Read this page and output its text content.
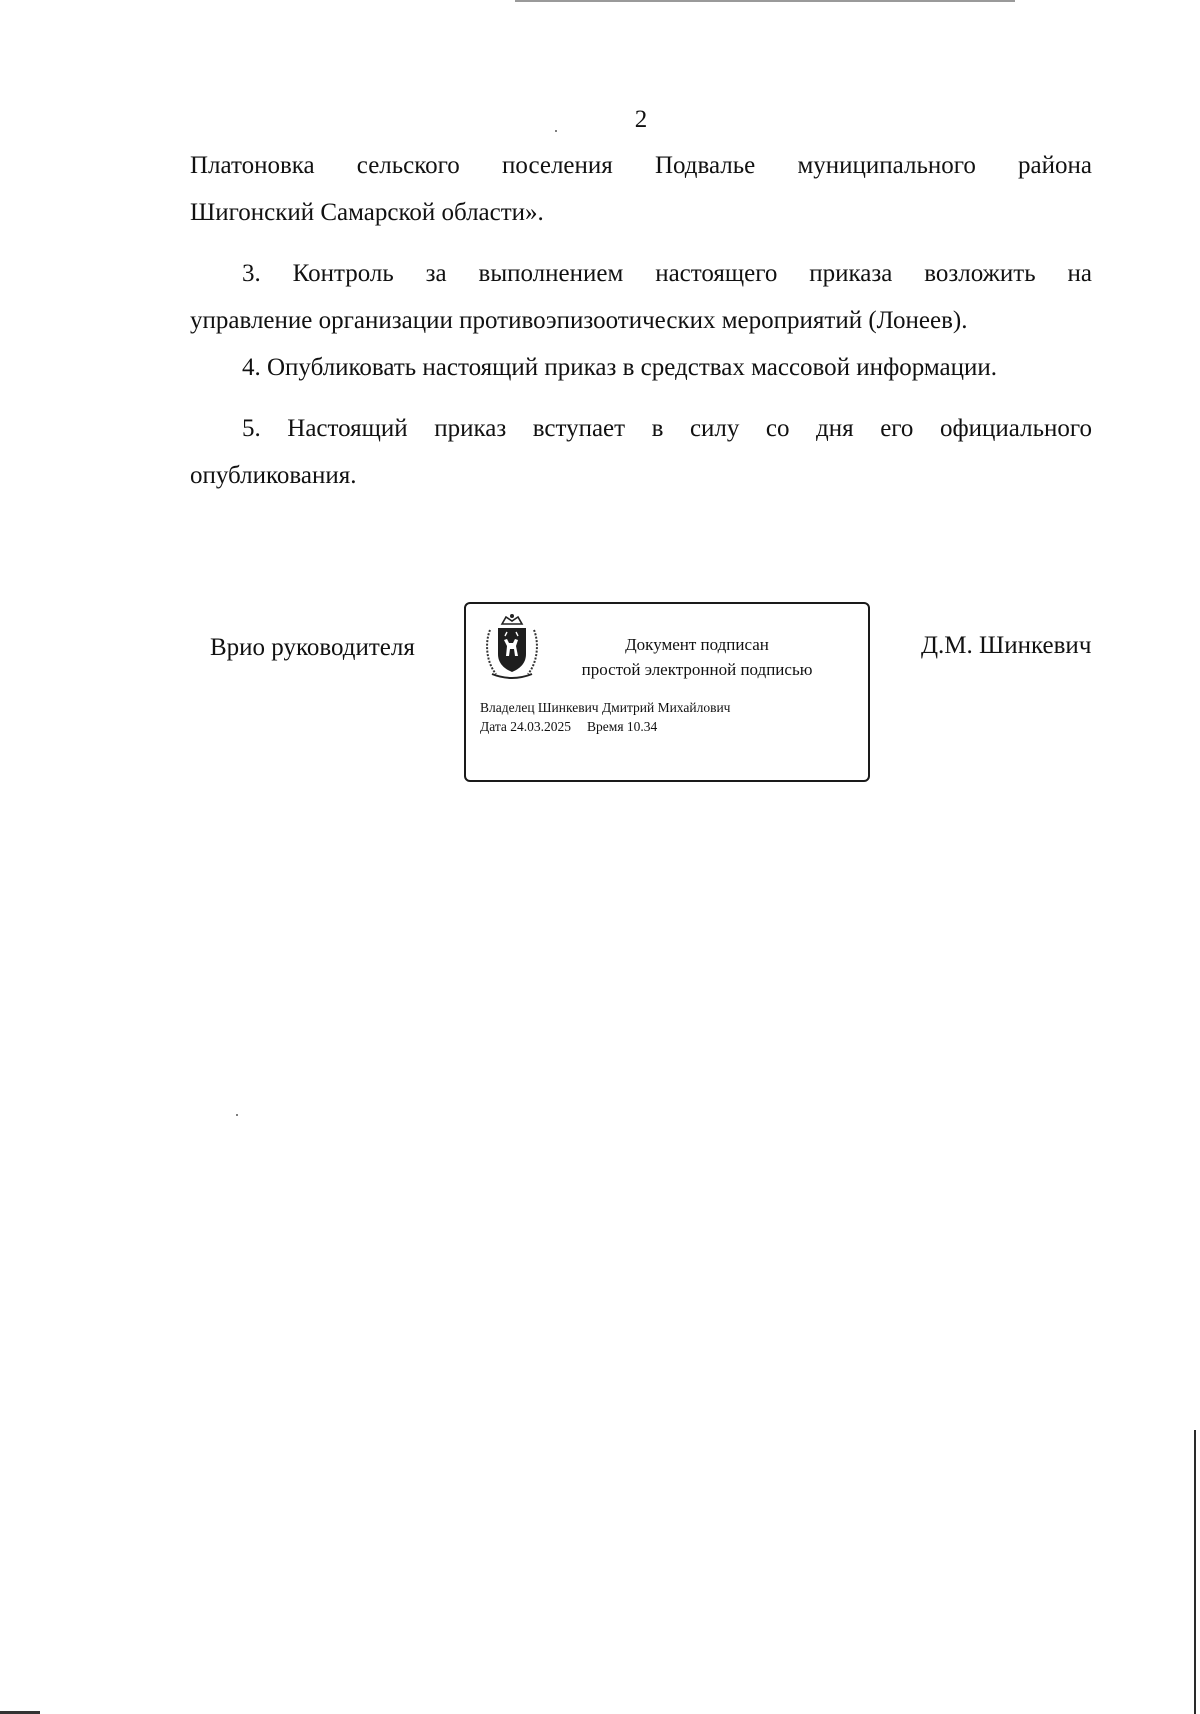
2

Платоновка сельского поселения Подвалье муниципального района
Шигонский Самарской области».

3. Контроль за выполнением настоящего приказа возложить на
управление организации противоэпизоотических мероприятий (Лонеев).

4. Опубликовать настоящий приказ в средствах массовой информации.

5. Настоящий приказ вступает в силу со дня его официального
опубликования.

Врио руководителя	Документ подписан
простой электронной подписью
Владелец Шинкевич Дмитрий Михайлович
Дата 24.03.2025 Время 10.34
Д.М. Шинкевич
